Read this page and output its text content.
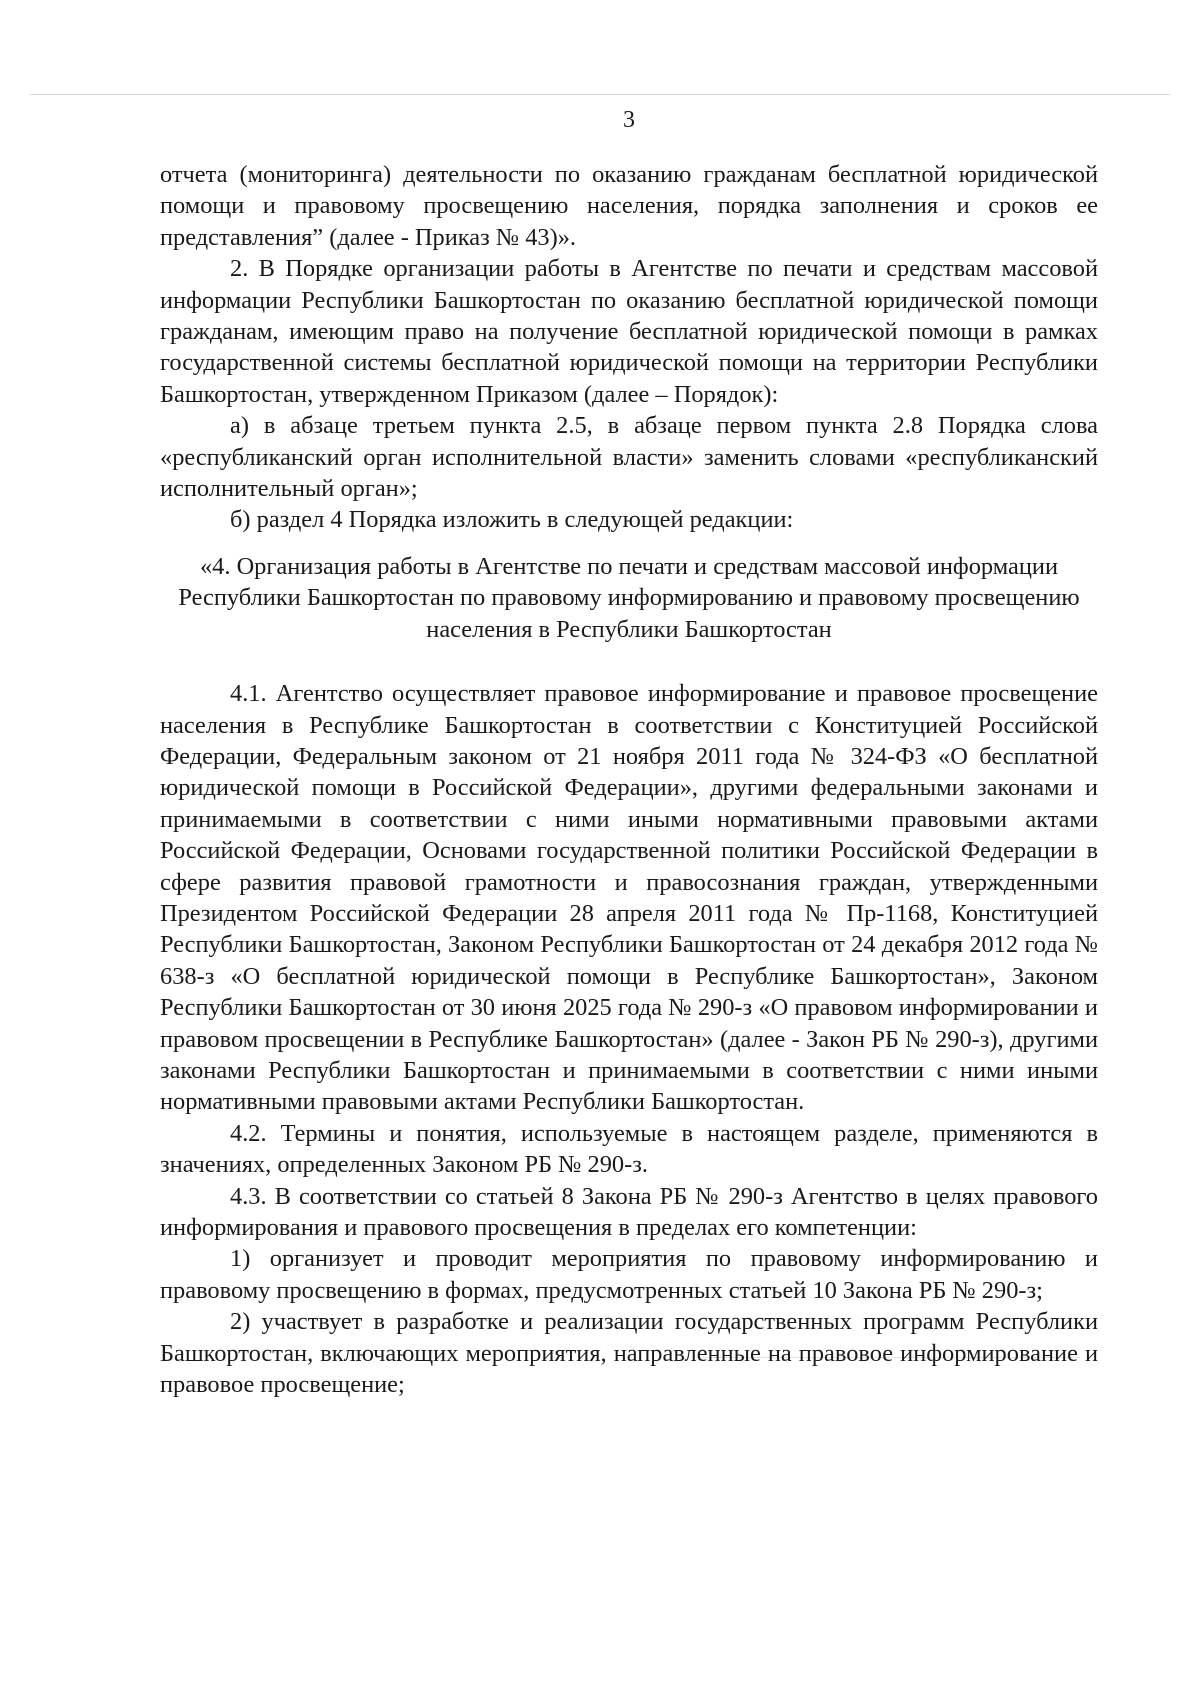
3

отчета (мониторинга) деятельности по оказанию гражданам бесплатной юридической помощи и правовому просвещению населения, порядка заполнения и сроков ее представления” (далее - Приказ № 43)».

2. В Порядке организации работы в Агентстве по печати и средствам массовой информации Республики Башкортостан по оказанию бесплатной юридической помощи гражданам, имеющим право на получение бесплатной юридической помощи в рамках государственной системы бесплатной юридической помощи на территории Республики Башкортостан, утвержденном Приказом (далее – Порядок):

а) в абзаце третьем пункта 2.5, в абзаце первом пункта 2.8 Порядка слова «республиканский орган исполнительной власти» заменить словами «республиканский исполнительный орган»;

б) раздел 4 Порядка изложить в следующей редакции:

«4. Организация работы в Агентстве по печати и средствам массовой информации Республики Башкортостан по правовому информированию и правовому просвещению населения в Республики Башкортостан

4.1. Агентство осуществляет правовое информирование и правовое просвещение населения в Республике Башкортостан в соответствии с Конституцией Российской Федерации, Федеральным законом от 21 ноября 2011 года № 324-ФЗ «О бесплатной юридической помощи в Российской Федерации», другими федеральными законами и принимаемыми в соответствии с ними иными нормативными правовыми актами Российской Федерации, Основами государственной политики Российской Федерации в сфере развития правовой грамотности и правосознания граждан, утвержденными Президентом Российской Федерации 28 апреля 2011 года № Пр-1168, Конституцией Республики Башкортостан, Законом Республики Башкортостан от 24 декабря 2012 года № 638-з «О бесплатной юридической помощи в Республике Башкортостан», Законом Республики Башкортостан от 30 июня 2025 года № 290-з «О правовом информировании и правовом просвещении в Республике Башкортостан» (далее - Закон РБ № 290-з), другими законами Республики Башкортостан и принимаемыми в соответствии с ними иными нормативными правовыми актами Республики Башкортостан.

4.2. Термины и понятия, используемые в настоящем разделе, применяются в значениях, определенных Законом РБ № 290-з.

4.3. В соответствии со статьей 8 Закона РБ № 290-з Агентство в целях правового информирования и правового просвещения в пределах его компетенции:

1) организует и проводит мероприятия по правовому информированию и правовому просвещению в формах, предусмотренных статьей 10 Закона РБ № 290-з;

2) участвует в разработке и реализации государственных программ Республики Башкортостан, включающих мероприятия, направленные на правовое информирование и правовое просвещение;
